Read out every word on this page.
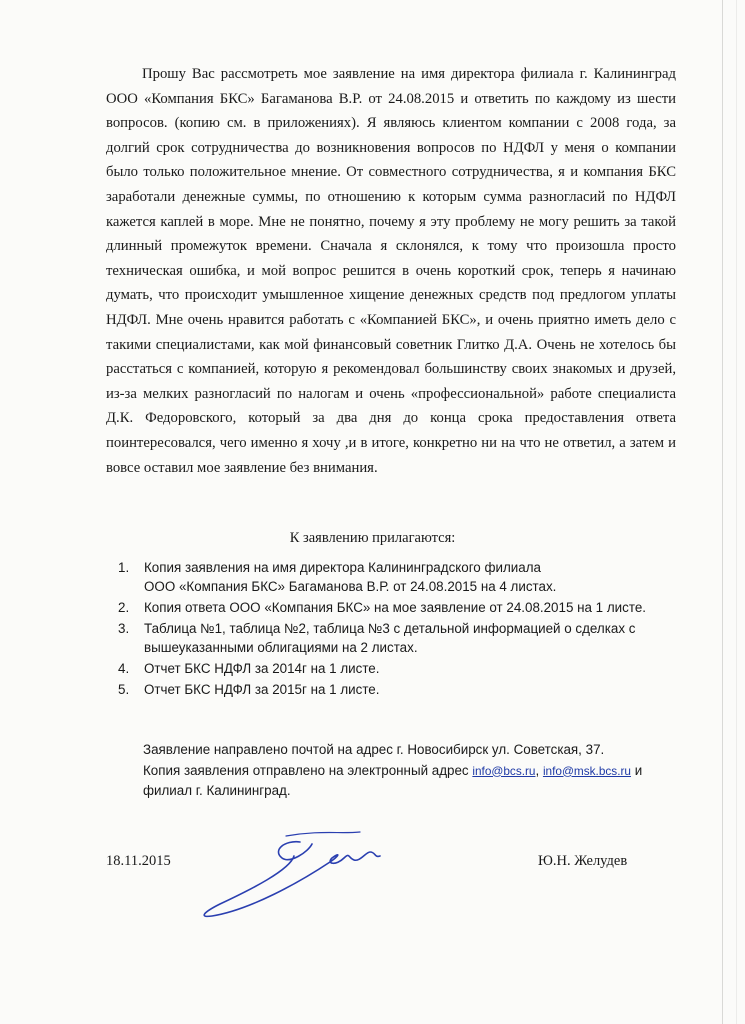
Прошу Вас рассмотреть мое заявление на имя директора филиала г. Калининград ООО «Компания БКС» Багаманова В.Р. от 24.08.2015 и ответить по каждому из шести вопросов. (копию см. в приложениях). Я являюсь клиентом компании с 2008 года, за долгий срок сотрудничества до возникновения вопросов по НДФЛ у меня о компании было только положительное мнение. От совместного сотрудничества, я и компания БКС заработали денежные суммы, по отношению к которым сумма разногласий по НДФЛ кажется каплей в море. Мне не понятно, почему я эту проблему не могу решить за такой длинный промежуток времени. Сначала я склонялся, к тому что произошла просто техническая ошибка, и мой вопрос решится в очень короткий срок, теперь я начинаю думать, что происходит умышленное хищение денежных средств под предлогом уплаты НДФЛ. Мне очень нравится работать с «Компанией БКС», и очень приятно иметь дело с такими специалистами, как мой финансовый советник Глитко Д.А. Очень не хотелось бы расстаться с компанией, которую я рекомендовал большинству своих знакомых и друзей, из-за мелких разногласий по налогам и очень «профессиональной» работе специалиста Д.К. Федоровского, который за два дня до конца срока предоставления ответа поинтересовался, чего именно я хочу ,и в итоге, конкретно ни на что не ответил, а затем и вовсе оставил мое заявление без внимания.

К заявлению прилагаются:
1.	Копия заявления на имя директора Калининградского филиала
ООО «Компания БКС» Багаманова В.Р. от 24.08.2015 на 4 листах.
2.	Копия ответа ООО «Компания БКС» на мое заявление от 24.08.2015 на 1 листе.
3.	Таблица №1, таблица №2, таблица №3 с детальной информацией о сделках с
вышеуказанными облигациями на 2 листах.
4.	Отчет БКС НДФЛ за 2014г на 1 листе.
5.	Отчет БКС НДФЛ за 2015г на 1 листе.
Заявление направлено почтой на адрес г. Новосибирск ул. Советская, 37.
Копия заявления отправлено на электронный адрес info@bcs.ru, info@msk.bcs.ru и
филиал г. Калининград.
18.11.2015	Ю.Н. Желудев
